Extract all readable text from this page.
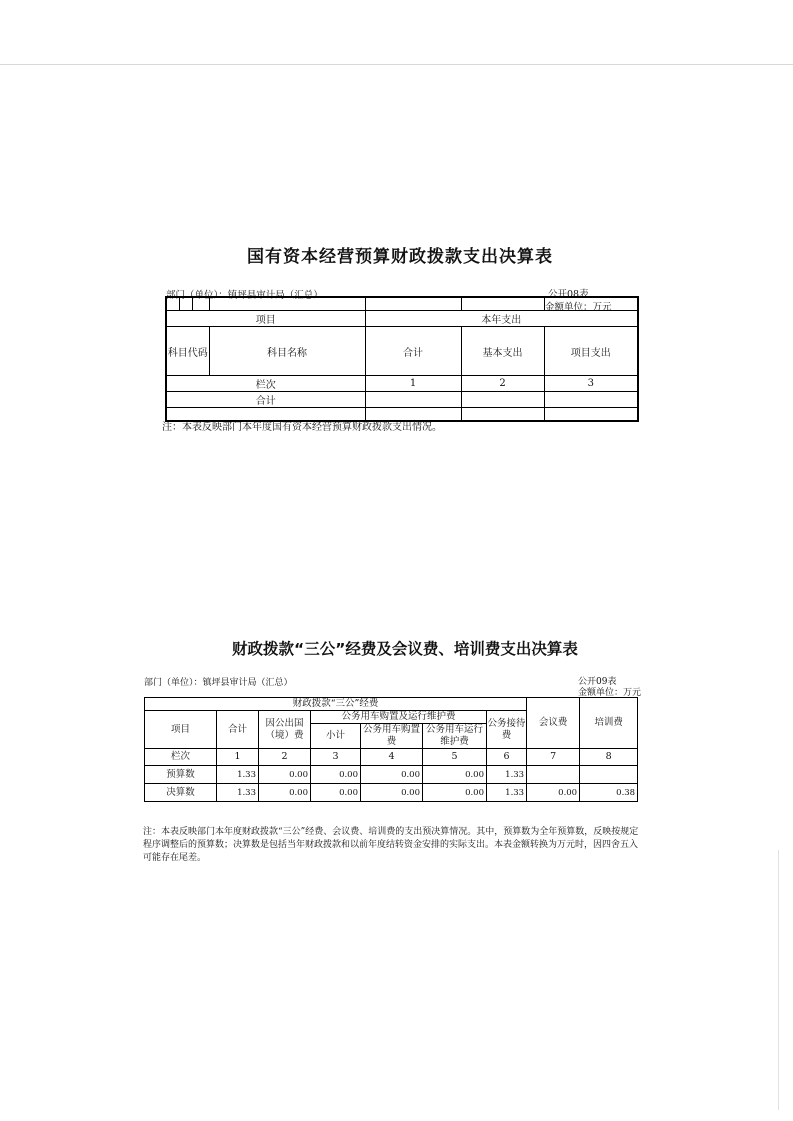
国有资本经营预算财政拨款支出决算表
部门（单位）：镇坪县审计局（汇总）	公开08表
金额单位：万元

项目				本年支出		
科目代码			科目名称	合计	基本支出	项目支出
栏次				1	2	3
合计						

注：本表反映部门本年度国有资本经营预算财政拨款支出情况。
财政拨款“三公”经费及会议费、培训费支出决算表
部门（单位）：镇坪县审计局（汇总）	公开09表
金额单位：万元
财政拨款“三公”经费							会议费	培训费
项目	合计	因公出国（境）费	公务用车购置及运行维护费			公务接待费		
			小计	公务用车购置费	公务用车运行维护费			

栏次	1	2	3	4	5	6	7	8
预算数	1.33	0.00	0.00	0.00	0.00	1.33		
决算数	1.33	0.00	0.00	0.00	0.00	1.33	0.00	0.38
注：本表反映部门本年度财政拨款“三公”经费、会议费、培训费的支出预决算情况。其中，预算数为全年预算数，反映按规定程序调整后的预算数；决算数是包括当年财政拨款和以前年度结转资金安排的实际支出。本表金额转换为万元时，因四舍五入可能存在尾差。
